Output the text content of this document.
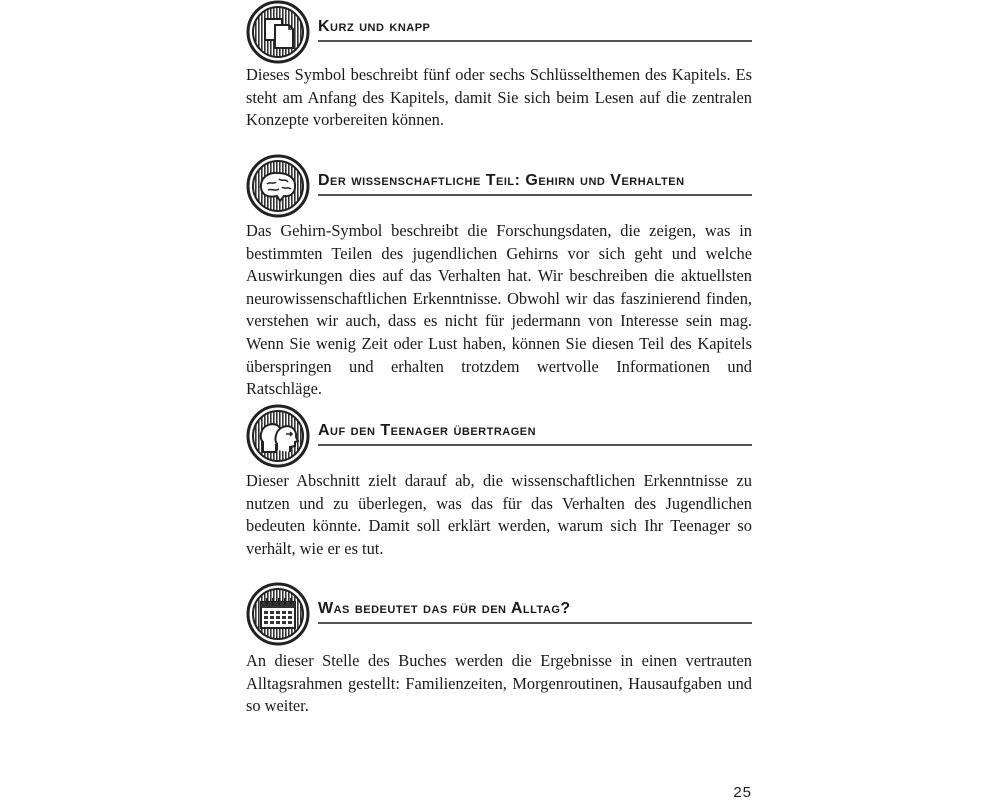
Kurz und knapp

Dieses Symbol beschreibt fünf oder sechs Schlüsselthemen des Kapitels. Es steht am Anfang des Kapitels, damit Sie sich beim Lesen auf die zentralen Konzepte vorbereiten können.

Der wissenschaftliche Teil: Gehirn und Verhalten

Das Gehirn-Symbol beschreibt die Forschungsdaten, die zeigen, was in bestimmten Teilen des jugendlichen Gehirns vor sich geht und welche Auswirkungen dies auf das Verhalten hat. Wir beschreiben die aktuellsten neurowissenschaftlichen Erkenntnisse. Obwohl wir das faszinierend finden, verstehen wir auch, dass es nicht für jedermann von Interesse sein mag. Wenn Sie wenig Zeit oder Lust haben, können Sie diesen Teil des Kapitels überspringen und erhalten trotzdem wertvolle Informationen und Ratschläge.

Auf den Teenager übertragen

Dieser Abschnitt zielt darauf ab, die wissenschaftlichen Erkenntnisse zu nutzen und zu überlegen, was das für das Verhalten des Jugendlichen bedeuten könnte. Damit soll erklärt werden, warum sich Ihr Teenager so verhält, wie er es tut.

Was bedeutet das für den Alltag?

An dieser Stelle des Buches werden die Ergebnisse in einen vertrauten Alltagsrahmen gestellt: Familienzeiten, Morgenroutinen, Hausaufgaben und so weiter.

25
